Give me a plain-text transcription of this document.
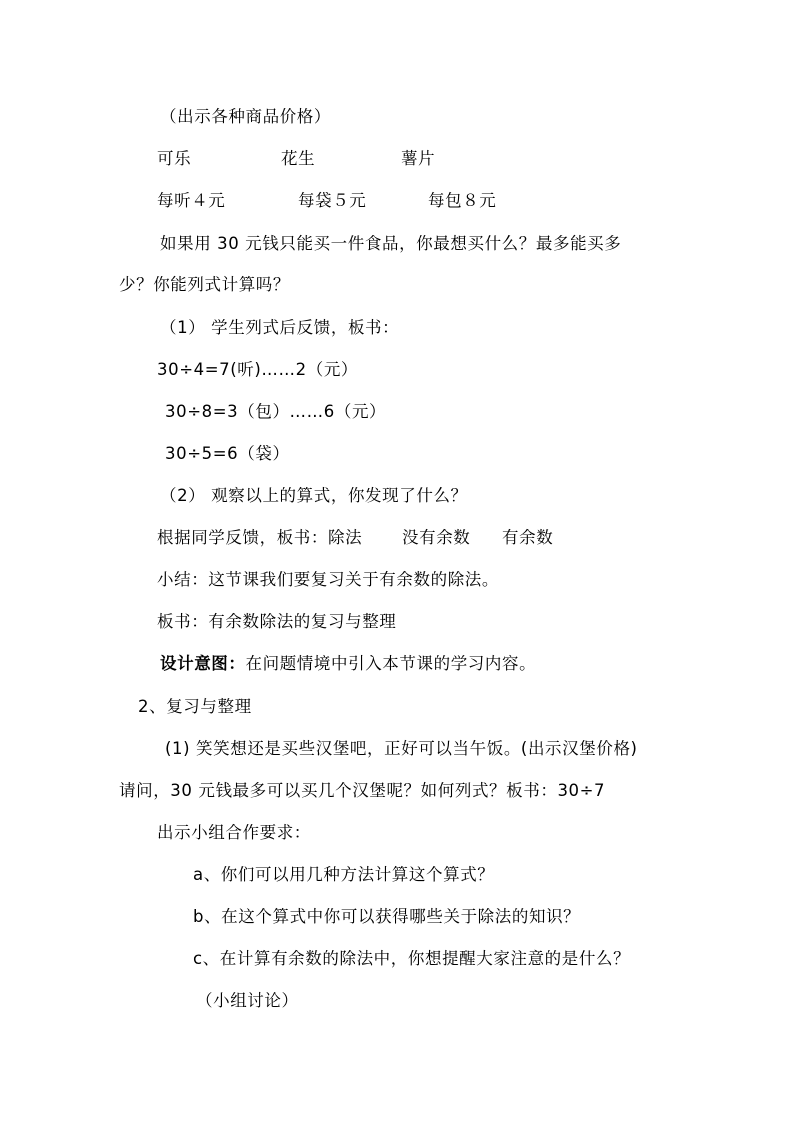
（出示各种商品价格）
可乐	花生	薯片
每听４元	每袋５元	每包８元
如果用 30 元钱只能买一件食品，你最想买什么？最多能买多
少？你能列式计算吗？
（1） 学生列式后反馈，板书：
30÷4=7(听)……2（元）
30÷8=3（包）……6（元）
30÷5=6（袋）
（2） 观察以上的算式，你发现了什么？
根据同学反馈，板书：除法 没有余数 有余数
小结：这节课我们要复习关于有余数的除法。
板书：有余数除法的复习与整理
设计意图：在问题情境中引入本节课的学习内容。
2、复习与整理
(1) 笑笑想还是买些汉堡吧，正好可以当午饭。(出示汉堡价格)
请问，30 元钱最多可以买几个汉堡呢？如何列式？板书：30÷7
出示小组合作要求：
a、你们可以用几种方法计算这个算式？
b、在这个算式中你可以获得哪些关于除法的知识？
c、在计算有余数的除法中，你想提醒大家注意的是什么？
（小组讨论）
